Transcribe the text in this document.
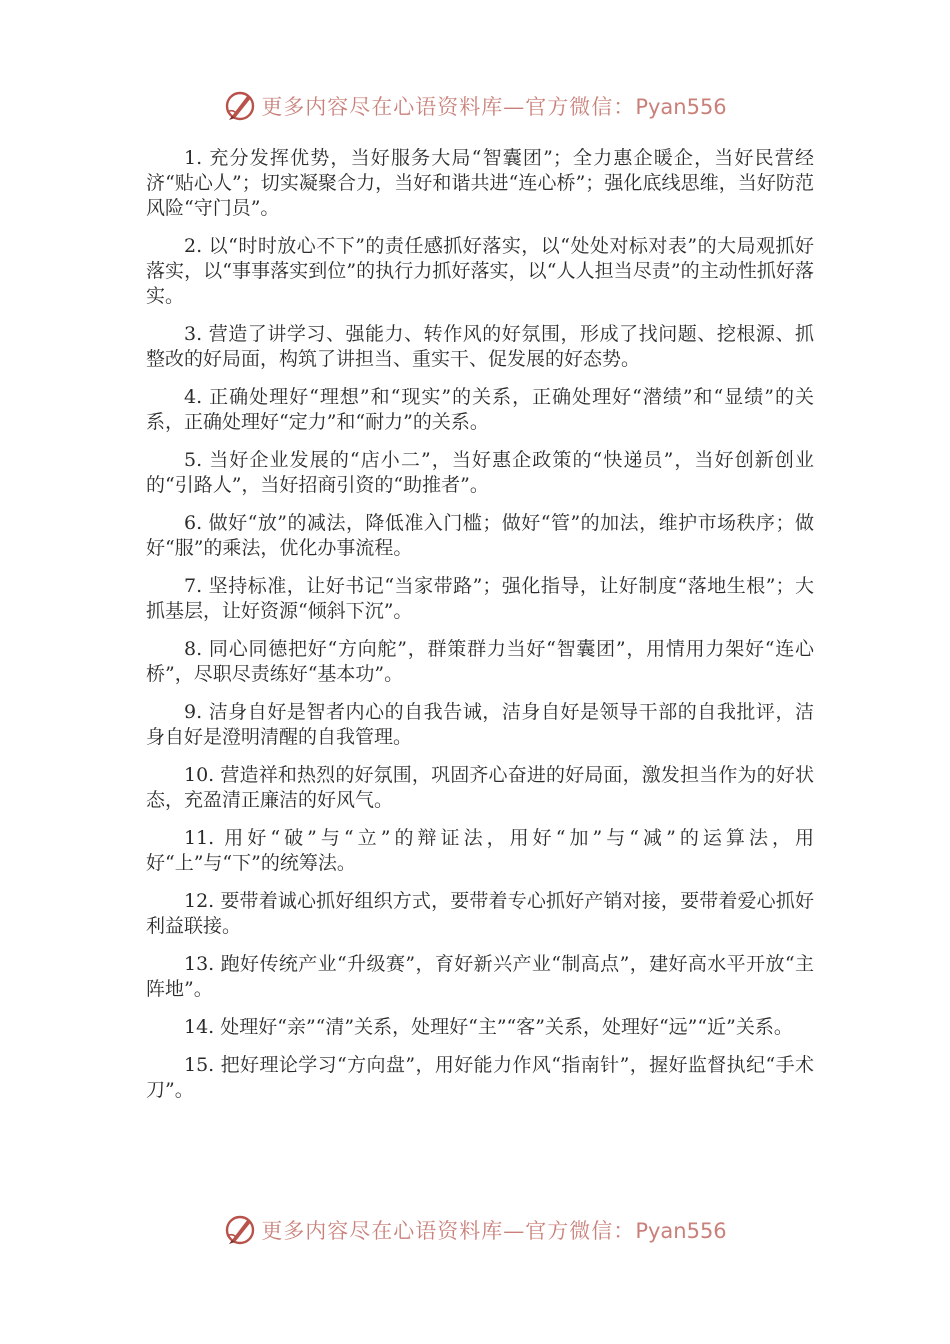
更多内容尽在心语资料库—官方微信：Pyan556

1. 充分发挥优势，当好服务大局“智囊团”；全力惠企暖企，当好民营经济“贴心人”；切实凝聚合力，当好和谐共进“连心桥”；强化底线思维，当好防范风险“守门员”。

2. 以“时时放心不下”的责任感抓好落实，以“处处对标对表”的大局观抓好落实，以“事事落实到位”的执行力抓好落实，以“人人担当尽责”的主动性抓好落实。

3. 营造了讲学习、强能力、转作风的好氛围，形成了找问题、挖根源、抓整改的好局面，构筑了讲担当、重实干、促发展的好态势。

4. 正确处理好“理想”和“现实”的关系，正确处理好“潜绩”和“显绩”的关系，正确处理好“定力”和“耐力”的关系。

5. 当好企业发展的“店小二”，当好惠企政策的“快递员”，当好创新创业的“引路人”，当好招商引资的“助推者”。

6. 做好“放”的减法，降低准入门槛；做好“管”的加法，维护市场秩序；做好“服”的乘法，优化办事流程。

7. 坚持标准，让好书记“当家带路”；强化指导，让好制度“落地生根”；大抓基层，让好资源“倾斜下沉”。

8. 同心同德把好“方向舵”，群策群力当好“智囊团”，用情用力架好“连心桥”，尽职尽责练好“基本功”。

9. 洁身自好是智者内心的自我告诫，洁身自好是领导干部的自我批评，洁身自好是澄明清醒的自我管理。

10. 营造祥和热烈的好氛围，巩固齐心奋进的好局面，激发担当作为的好状态，充盈清正廉洁的好风气。

11. 用好“破”与“立”的辩证法，用好“加”与“减”的运算法，用好“上”与“下”的统筹法。

12. 要带着诚心抓好组织方式，要带着专心抓好产销对接，要带着爱心抓好利益联接。

13. 跑好传统产业“升级赛”，育好新兴产业“制高点”，建好高水平开放“主阵地”。

14. 处理好“亲”“清”关系，处理好“主”“客”关系，处理好“远”“近”关系。

15. 把好理论学习“方向盘”，用好能力作风“指南针”，握好监督执纪“手术刀”。

更多内容尽在心语资料库—官方微信：Pyan556
